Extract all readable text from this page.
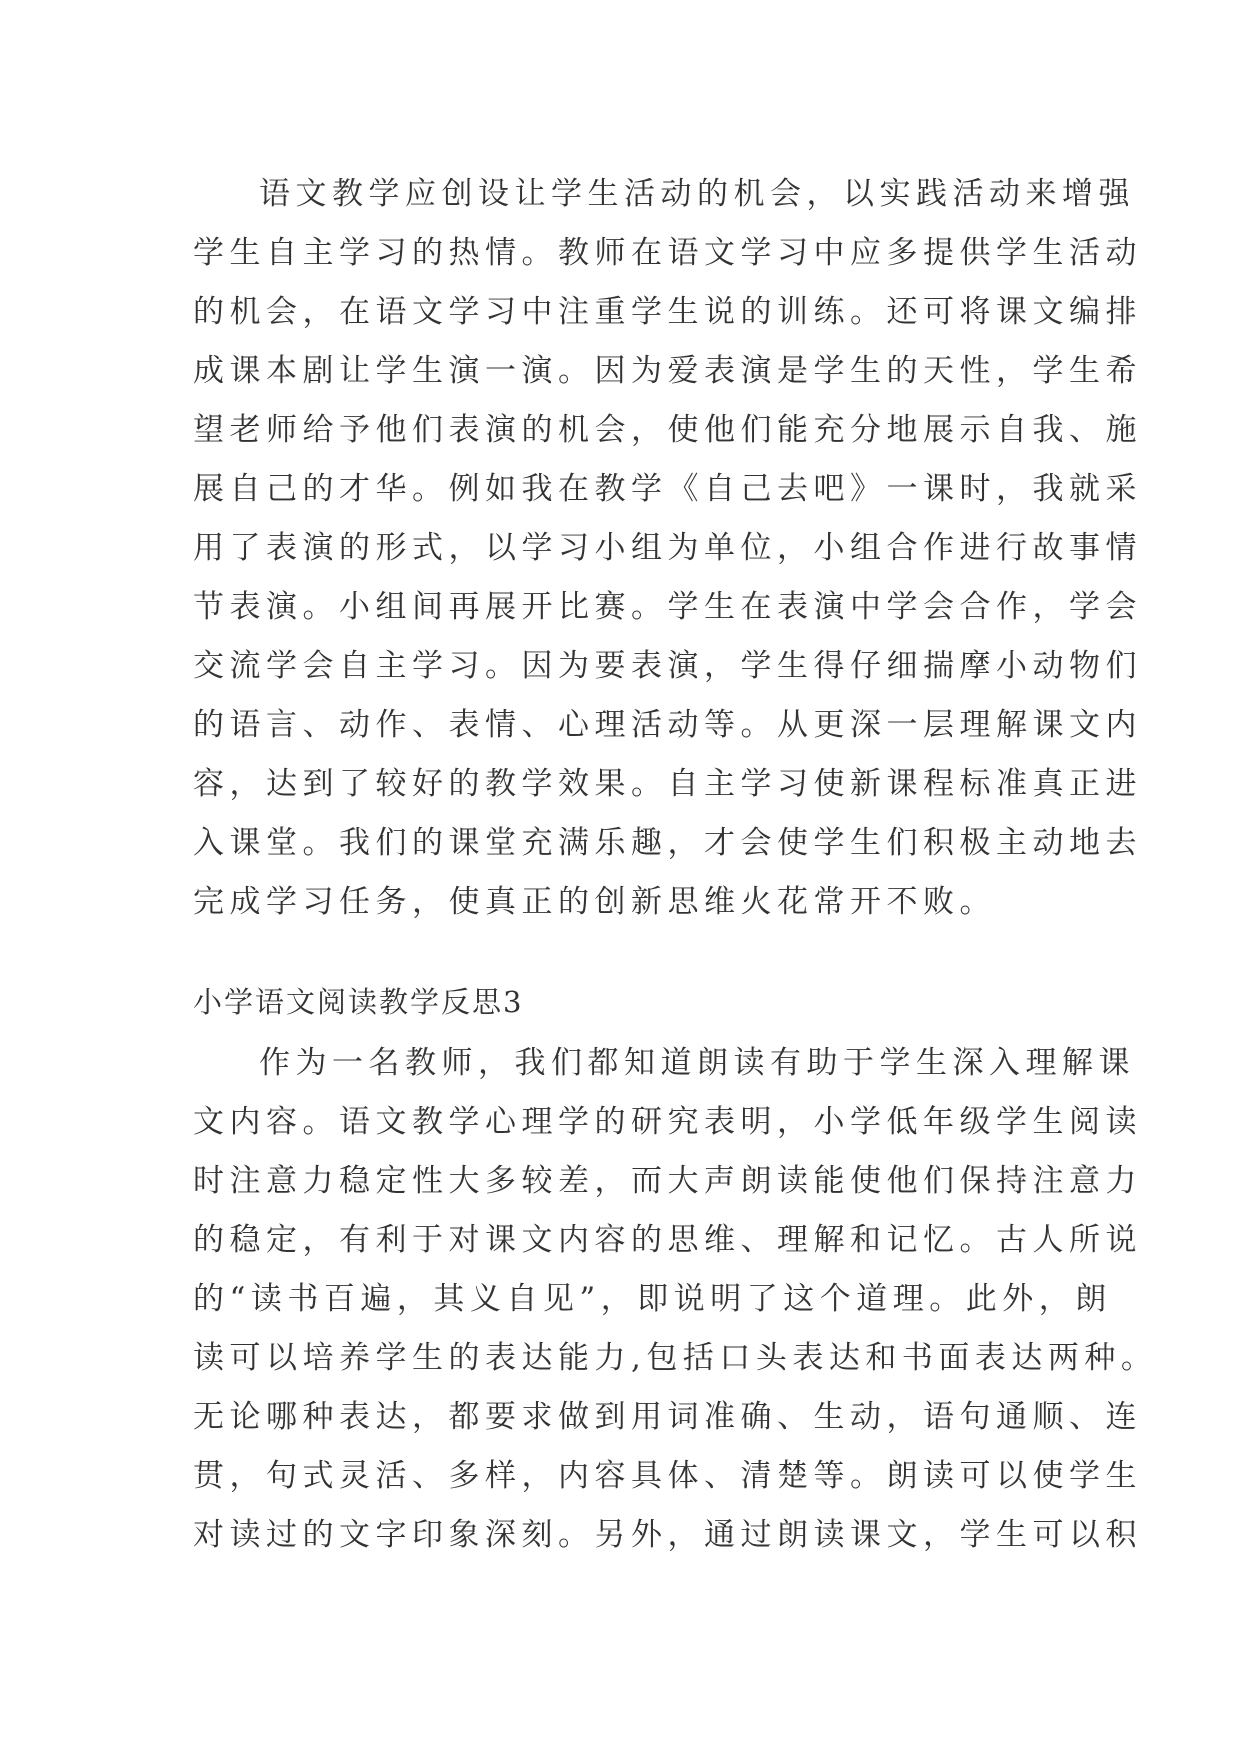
语文教学应创设让学生活动的机会，以实践活动来增强
学生自主学习的热情。教师在语文学习中应多提供学生活动
的机会，在语文学习中注重学生说的训练。还可将课文编排
成课本剧让学生演一演。因为爱表演是学生的天性，学生希
望老师给予他们表演的机会，使他们能充分地展示自我、施
展自己的才华。例如我在教学《自己去吧》一课时，我就采
用了表演的形式，以学习小组为单位，小组合作进行故事情
节表演。小组间再展开比赛。学生在表演中学会合作，学会
交流学会自主学习。因为要表演，学生得仔细揣摩小动物们
的语言、动作、表情、心理活动等。从更深一层理解课文内
容，达到了较好的教学效果。自主学习使新课程标准真正进
入课堂。我们的课堂充满乐趣，才会使学生们积极主动地去
完成学习任务，使真正的创新思维火花常开不败。
小学语文阅读教学反思3
作为一名教师，我们都知道朗读有助于学生深入理解课
文内容。语文教学心理学的研究表明，小学低年级学生阅读
时注意力稳定性大多较差，而大声朗读能使他们保持注意力
的稳定，有利于对课文内容的思维、理解和记忆。古人所说
的“读书百遍，其义自见”，即说明了这个道理。此外，朗
读可以培养学生的表达能力,包括口头表达和书面表达两种。
无论哪种表达，都要求做到用词准确、生动，语句通顺、连
贯，句式灵活、多样，内容具体、清楚等。朗读可以使学生
对读过的文字印象深刻。另外，通过朗读课文，学生可以积
